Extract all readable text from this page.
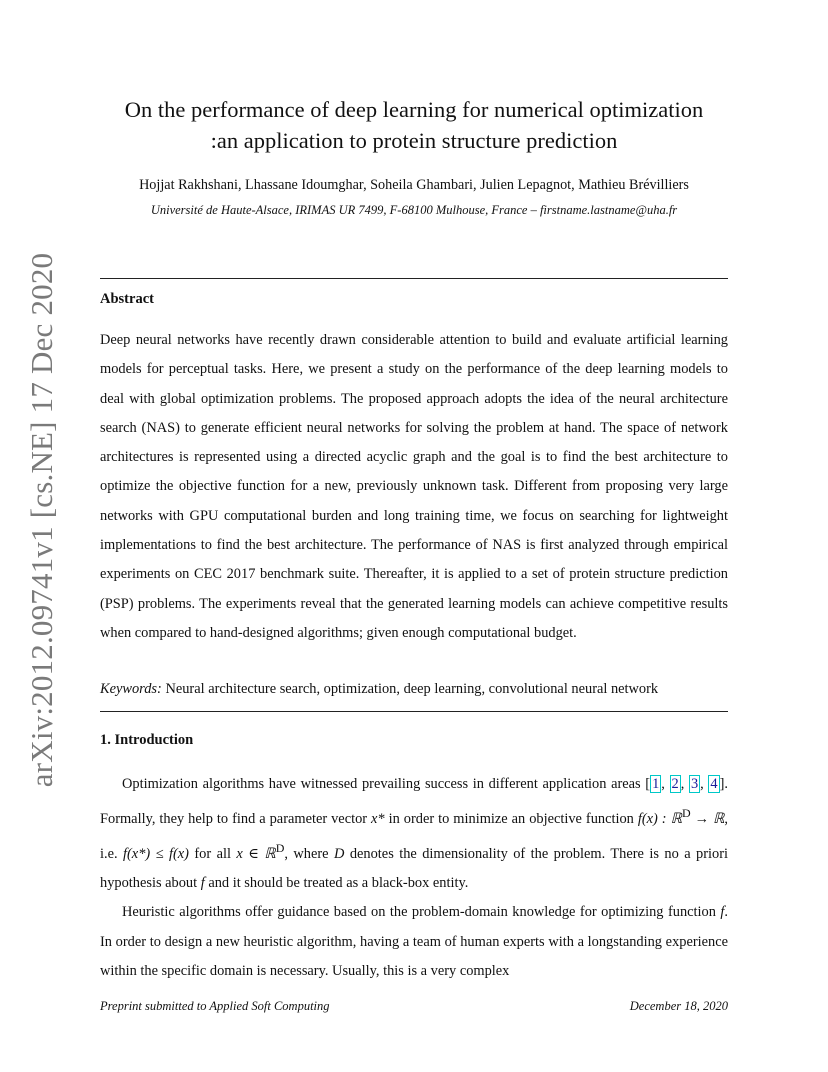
arXiv:2012.09741v1 [cs.NE] 17 Dec 2020
On the performance of deep learning for numerical optimization
:an application to protein structure prediction

Hojjat Rakhshani, Lhassane Idoumghar, Soheila Ghambari, Julien Lepagnot, Mathieu Brévilliers

Université de Haute-Alsace, IRIMAS UR 7499, F-68100 Mulhouse, France – firstname.lastname@uha.fr

Abstract

Deep neural networks have recently drawn considerable attention to build and evaluate artificial learning models for perceptual tasks. Here, we present a study on the performance of the deep learning models to deal with global optimization problems. The proposed approach adopts the idea of the neural architecture search (NAS) to generate efficient neural networks for solving the problem at hand. The space of network architectures is represented using a directed acyclic graph and the goal is to find the best architecture to optimize the objective function for a new, previously unknown task. Different from proposing very large networks with GPU computational burden and long training time, we focus on searching for lightweight implementations to find the best architecture. The performance of NAS is first analyzed through empirical experiments on CEC 2017 benchmark suite. Thereafter, it is applied to a set of protein structure prediction (PSP) problems. The experiments reveal that the generated learning models can achieve competitive results when compared to hand-designed algorithms; given enough computational budget.

Keywords: Neural architecture search, optimization, deep learning, convolutional neural network

1. Introduction

Optimization algorithms have witnessed prevailing success in different application areas [ 1 , 2 , 3 , 4 ]. Formally, they help to find a parameter vector x* in order to minimize an objective function f(x) : ℝ$^D$ → ℝ, i.e. f(x*) ≤ f(x) for all x ∈ ℝ$^D$, where D denotes the dimensionality of the problem. There is no a priori hypothesis about f and it should be treated as a black-box entity.

Heuristic algorithms offer guidance based on the problem-domain knowledge for optimizing function f. In order to design a new heuristic algorithm, having a team of human experts with a longstanding experience within the specific domain is necessary. Usually, this is a very complex

Preprint submitted to Applied Soft Computing	December 18, 2020
